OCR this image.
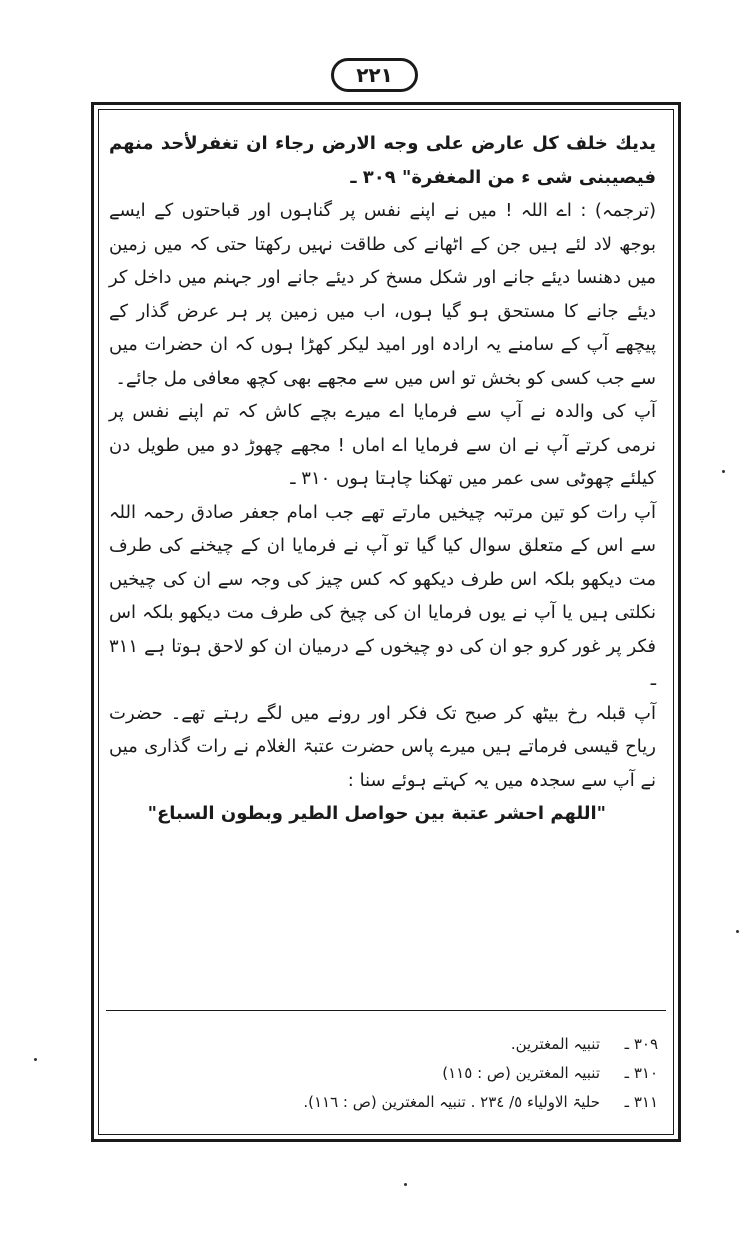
۲۲۱

يديك خلف كل عارض على وجه الارض رجاء ان تغفرلأحد منهم فيصيبنى شى ء من المغفرة" ٣٠٩ ـ

(ترجمہ) : اے اللہ ! میں نے اپنے نفس پر گناہوں اور قباحتوں کے ایسے بوجھ لاد لئے ہیں جن کے اٹھانے کی طاقت نہیں رکھتا حتی کہ میں زمین میں دھنسا دیئے جانے اور شکل مسخ کر دیئے جانے اور جہنم میں داخل کر دیئے جانے کا مستحق ہو گیا ہوں، اب میں زمین پر ہر عرض گذار کے پیچھے آپ کے سامنے یہ ارادہ اور امید لیکر کھڑا ہوں کہ ان حضرات میں سے جب کسی کو بخش تو اس میں سے مجھے بھی کچھ معافی مل جائے۔

آپ کی والدہ نے آپ سے فرمایا اے میرے بچے کاش کہ تم اپنے نفس پر نرمی کرتے آپ نے ان سے فرمایا اے اماں ! مجھے چھوڑ دو میں طویل دن کیلئے چھوٹی سی عمر میں تھکنا چاہتا ہوں ٣١٠ ـ

آپ رات کو تین مرتبہ چیخیں مارتے تھے جب امام جعفر صادق رحمہ اللہ سے اس کے متعلق سوال کیا گیا تو آپ نے فرمایا ان کے چیخنے کی طرف مت دیکھو بلکہ اس طرف دیکھو کہ کس چیز کی وجہ سے ان کی چیخیں نکلتی ہیں یا آپ نے یوں فرمایا ان کی چیخ کی طرف مت دیکھو بلکہ اس فکر پر غور کرو جو ان کی دو چیخوں کے درمیان ان کو لاحق ہوتا ہے ٣١١ ـ

آپ قبلہ رخ بیٹھ کر صبح تک فکر اور رونے میں لگے رہتے تھے۔ حضرت ریاح قیسی فرماتے ہیں میرے پاس حضرت عتبۃ الغلام نے رات گذاری میں نے آپ سے سجدہ میں یہ کہتے ہوئے سنا :

"اللهم احشر عتبة بين حواصل الطير وبطون السباع"

٣٠٩ ـ
تنبیہ المغترین.
٣١٠ ـ
تنبیہ المغترین (ص : ١١٥)
٣١١ ـ
حلیۃ الاولیاء ٥/ ٢٣٤ . تنبیہ المغترین (ص : ١١٦).
